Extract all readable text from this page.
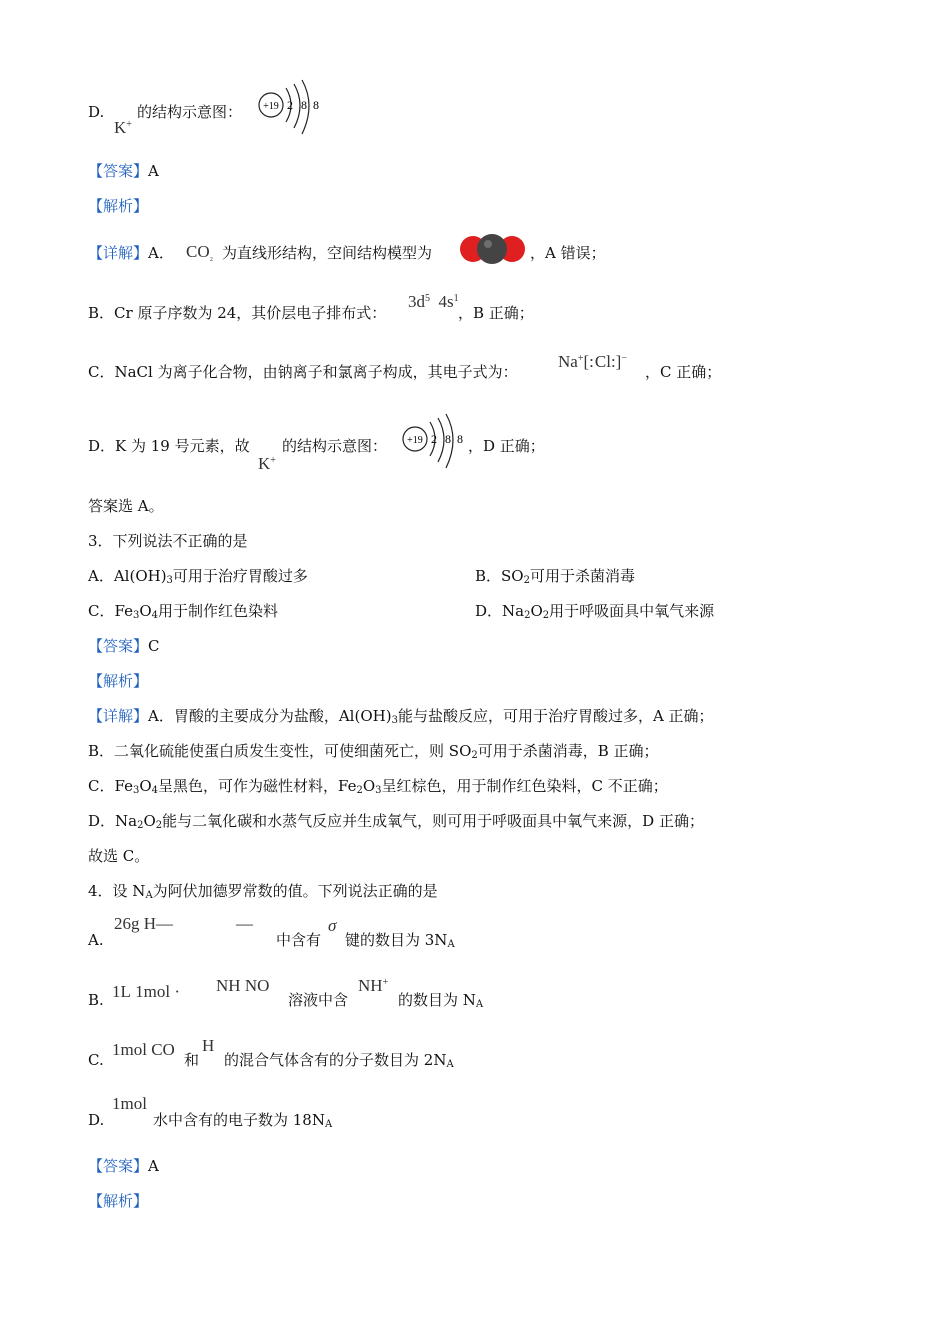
D.
K+
的结构示意图： +19 2 8 8
【答案】A
【解析】
【详解】A． $CO_{_2}$ 为直线形结构，空间结构模型为	，A 错误；
B．Cr 原子序数为 24，其价层电子排布式：
$3d^5$ $4s^1$
，B 正确；
C．NaCl 为离子化合物，由钠离子和氯离子构成，其电子式为：
Na+[:Cl:]−
，C 正确；
D．K 为 19 号元素，故
K+
的结构示意图： +19 2 8 8 ，D 正确；
答案选 A。
3．下列说法不正确的是
A．$Al(OH)_3$可用于治疗胃酸过多	B．$SO_2$可用于杀菌消毒
C．$Fe_3O_4$用于制作红色染料	D．$Na_2O_2$用于呼吸面具中氧气来源
【答案】C
【解析】
【详解】A．胃酸的主要成分为盐酸，$Al(OH)_3$能与盐酸反应，可用于治疗胃酸过多，A 正确；
B．二氧化硫能使蛋白质发生变性，可使细菌死亡，则 $SO_2$可用于杀菌消毒，B 正确；
C．$Fe_3O_4$呈黑色，可作为磁性材料，$Fe_2O_3$呈红棕色，用于制作红色染料，C 不正确；
D．$Na_2O_2$能与二氧化碳和水蒸气反应并生成氧气，则可用于呼吸面具中氧气来源，D 正确；
故选 C。
4．设 $N_A$为阿伏加德罗常数的值。下列说法正确的是
A.
26g H—	—
中含有
σ
键的数目为 $3N_A$
B. 1L 1mol · NH NO
溶液中含
NH+
的数目为 $N_A$
C.
1mol CO
和
H
的混合气体含有的分子数目为 $2N_A$
D.
1mol
水中含有的电子数为 $18N_A$
【答案】A
【解析】
